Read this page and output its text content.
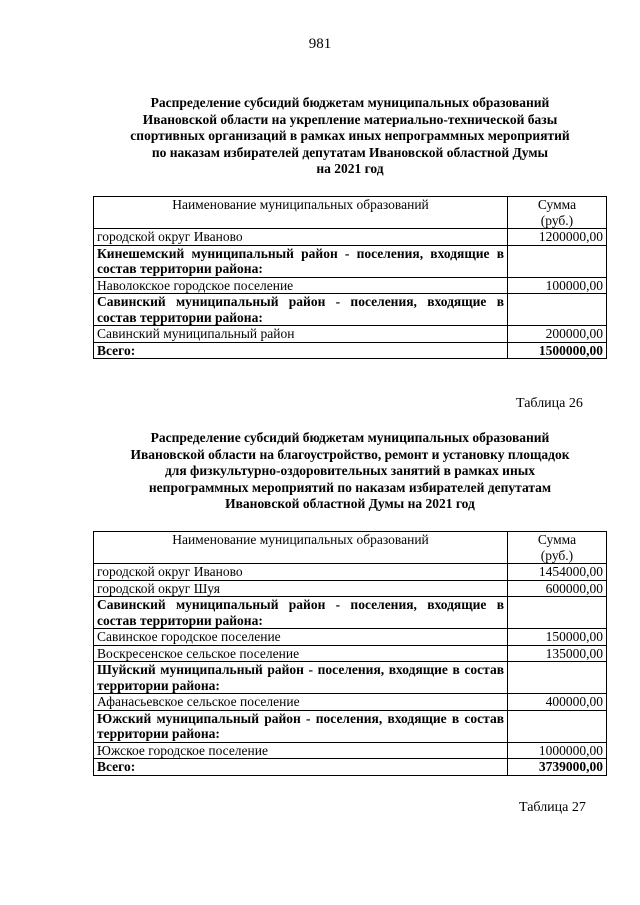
981
Распределение субсидий бюджетам муниципальных образований
Ивановской области на укрепление материально-технической базы
спортивных организаций в рамках иных непрограммных мероприятий
по наказам избирателей депутатам Ивановской областной Думы
на 2021 год
Наименование муниципальных образований	Сумма
(руб.)
городской округ Иваново	1200000,00
Кинешемский муниципальный район - поселения, входящие в состав территории района:	
Наволокское городское поселение	100000,00
Савинский муниципальный район - поселения, входящие в состав территории района:	
Савинский муниципальный район	200000,00
Всего:	1500000,00
Таблица 26
Распределение субсидий бюджетам муниципальных образований
Ивановской области на благоустройство, ремонт и установку площадок
для физкультурно-оздоровительных занятий в рамках иных
непрограммных мероприятий по наказам избирателей депутатам
Ивановской областной Думы на 2021 год
Наименование муниципальных образований	Сумма
(руб.)
городской округ Иваново	1454000,00
городской округ Шуя	600000,00
Савинский муниципальный район - поселения, входящие в состав территории района:	
Савинское городское поселение	150000,00
Воскресенское сельское поселение	135000,00
Шуйский муниципальный район - поселения, входящие в состав территории района:	
Афанасьевское сельское поселение	400000,00
Южский муниципальный район - поселения, входящие в состав территории района:	
Южское городское поселение	1000000,00
Всего:	3739000,00
Таблица 27
